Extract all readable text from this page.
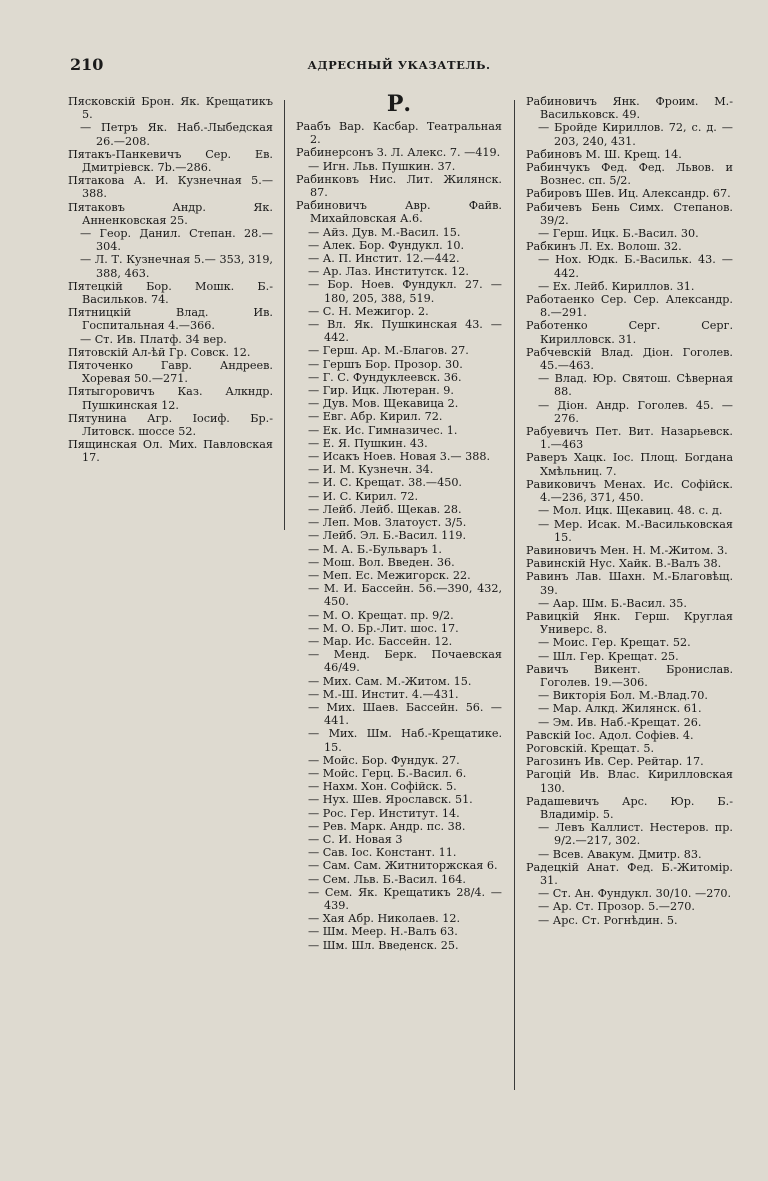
210	АДРЕСНЫЙ УКАЗАТЕЛЬ.

Пясковскій Брон. Як. Крещатикъ 5.

— Петръ Як. Наб.-Лыбедская 26.—208.

Пятакъ-Панкевичъ Сер. Ев. Дмитріевск. 7b.—286.

Пятакова А. И. Кузнечная 5.—388.

Пятаковъ Андр. Як. Анненковская 25.

— Геор. Данил. Степан. 28.—304.

— Л. Т. Кузнечная 5.— 353, 319, 388, 463.

Пятецкій Бор. Мошк. Б.-Васильков. 74.

Пятницкій Влад. Ив. Госпитальная 4.—366.

— Ст. Ив. Платф. 34 вер.

Пятовскій Ал-ѣй Гр. Совск. 12.

Пяточенко Гавр. Андреев. Хоревая 50.—271.

Пятыгоровичъ Каз. Алкндр. Пушкинская 12.

Пятунина Агр. Іосиф. Бр.-Литовск. шоссе 52.

Пящинская Ол. Мих. Павловская 17.

Р.

Раабъ Вар. Касбар. Театральная 2.

Рабинерсонъ З. Л. Алекс. 7. —419.

— Игн. Льв. Пушкин. 37.

Рабинковъ Нис. Лит. Жилянск. 87.

Рабиновичъ Авр. Файв. Михайловская А.6.

— Айз. Дув. М.-Васил. 15.

— Алек. Бор. Фундукл. 10.

— А. П. Инстит. 12.—442.

— Ар. Лаз. Институтск. 12.

— Бор. Ноев. Фундукл. 27. —180, 205, 388, 519.

— С. Н. Межигор. 2.

— Вл. Як. Пушкинская 43. —442.

— Герш. Ар. М.-Благов. 27.

— Гершъ Бор. Прозор. 30.

— Г. С. Фундуклеевск. 36.

— Гир. Ицк. Лютеран. 9.

— Дув. Мов. Щекавица 2.

— Евг. Абр. Кирил. 72.

— Ек. Ис. Гимназичес. 1.

— Е. Я. Пушкин. 43.

— Исакъ Ноев. Новая 3.— 388.

— И. М. Кузнечн. 34.

— И. С. Крещат. 38.—450.

— И. С. Кирил. 72.

— Лейб. Лейб. Щекав. 28.

— Леп. Мов. Златоуст. 3/5.

— Лейб. Эл. Б.-Васил. 119.

— М. А. Б.-Бульваръ 1.

— Мош. Вол. Введен. 36.

— Меп. Ес. Межигорск. 22.

— М. И. Бассейн. 56.—390, 432, 450.

— М. О. Крещат. пр. 9/2.

— М. О. Бр.-Лит. шос. 17.

— Мар. Ис. Бассейн. 12.

— Менд. Берк. Почаевская 46/49.

— Мих. Сам. М.-Житом. 15.

— М.-Ш. Инстит. 4.—431.

— Мих. Шаев. Бассейн. 56. —441.

— Мих. Шм. Наб.-Крещатике. 15.

— Мойс. Бор. Фундук. 27.

— Мойс. Герц. Б.-Васил. 6.

— Нахм. Хон. Софійск. 5.

— Нух. Шев. Ярославск. 51.

— Рос. Гер. Институт. 14.

— Рев. Марк. Андр. пс. 38.

— С. И. Новая 3

— Сав. Іос. Констант. 11.

— Сам. Сам. Житниторжская 6.

— Сем. Льв. Б.-Васил. 164.

— Сем. Як. Крещатикъ 28/4. —439.

— Хая Абр. Николаев. 12.

— Шм. Меер. Н.-Валъ 63.

— Шм. Шл. Введенск. 25.

Рабиновичъ Янк. Фроим. М.-Васильковск. 49.

— Бройде Кириллов. 72, с. д. —203, 240, 431.

Рабиновъ М. Ш. Крещ. 14.

Рабинчукъ Фед. Фед. Львов. и Вознес. сп. 5/2.

Рабировъ Шев. Иц. Александр. 67.

Рабичевъ Бень Симх. Степанов. 39/2.

— Герш. Ицк. Б.-Васил. 30.

Рабкинъ Л. Ех. Волош. 32.

— Нох. Юдк. Б.-Васильк. 43. —442.

— Ех. Лейб. Кириллов. 31.

Работаенко Сер. Сер. Александр. 8.—291.

Работенко Серг. Серг. Кирилловск. 31.

Рабчевскій Влад. Діон. Гоголев. 45.—463.

— Влад. Юр. Святош. Сѣверная 88.

— Діон. Андр. Гоголев. 45. —276.

Рабуевичъ Пет. Вит. Назарьевск. 1.—463

Раверъ Хацк. Іос. Площ. Богдана Хмѣльниц. 7.

Равиковичъ Менах. Ис. Софійск. 4.—236, 371, 450.

— Мол. Ицк. Щекавиц. 48. с. д.

— Мер. Исак. М.-Васильковская 15.

Равиновичъ Мен. Н. М.-Житом. 3.

Равинскій Нус. Хайк. В.-Валъ 38.

Равинъ Лав. Шахн. М.-Благовѣщ. 39.

— Аар. Шм. Б.-Васил. 35.

Равицкій Янк. Герш. Круглая Универс. 8.

— Моис. Гер. Крещат. 52.

— Шл. Гер. Крещат. 25.

Равичъ Викент. Бронислав. Гоголев. 19.—306.

— Викторія Бол. М.-Влад.70.

— Мар. Алкд. Жилянск. 61.

— Эм. Ив. Наб.-Крещат. 26.

Равскій Іос. Адол. Софіев. 4.

Роговскій. Крещат. 5.

Рагозинъ Ив. Сер. Рейтар. 17.

Рагоцій Ив. Влас. Кирилловская 130.

Радашевичъ Арс. Юр. Б.-Владимір. 5.

— Левъ Каллист. Нестеров. пр. 9/2.—217, 302.

— Всев. Авакум. Дмитр. 83.

Радецкій Анат. Фед. Б.-Житомір. 31.

— Ст. Ан. Фундукл. 30/10. —270.

— Ар. Ст. Прозор. 5.—270.

— Арс. Ст. Рогнѣдин. 5.
